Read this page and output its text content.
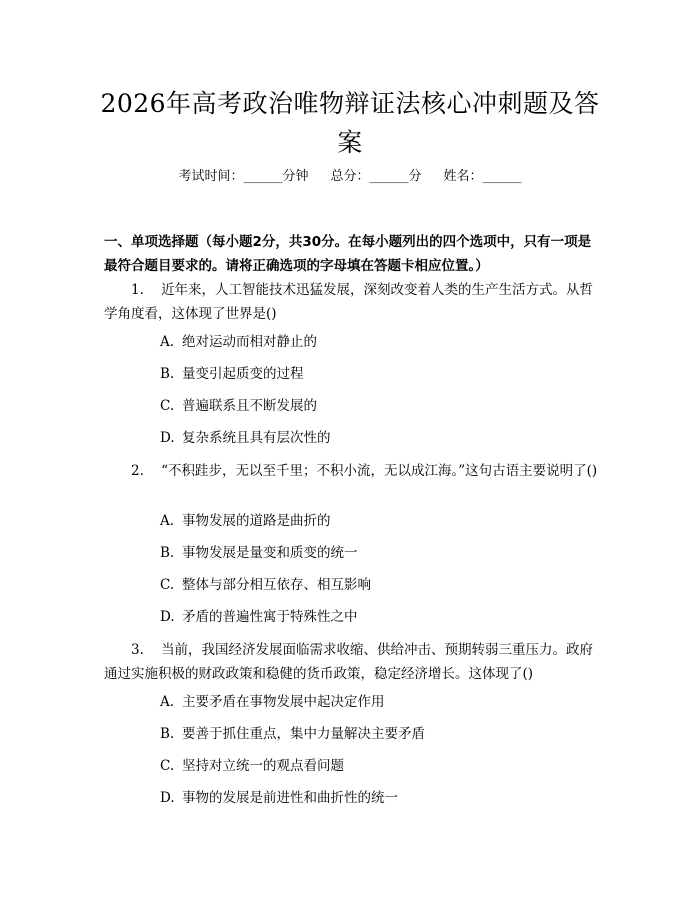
2026年高考政治唯物辩证法核心冲刺题及答案
考试时间：______分钟 总分：______分 姓名：______
一、单项选择题（每小题2分，共30分。在每小题列出的四个选项中，只有一项是最符合题目要求的。请将正确选项的字母填在答题卡相应位置。）
1. 近年来，人工智能技术迅猛发展，深刻改变着人类的生产生活方式。从哲学角度看，这体现了世界是()
A. 绝对运动而相对静止的
B. 量变引起质变的过程
C. 普遍联系且不断发展的
D. 复杂系统且具有层次性的
2. “不积跬步，无以至千里；不积小流，无以成江海。”这句古语主要说明了()
A. 事物发展的道路是曲折的
B. 事物发展是量变和质变的统一
C. 整体与部分相互依存、相互影响
D. 矛盾的普遍性寓于特殊性之中
3. 当前，我国经济发展面临需求收缩、供给冲击、预期转弱三重压力。政府通过实施积极的财政政策和稳健的货币政策，稳定经济增长。这体现了()
A. 主要矛盾在事物发展中起决定作用
B. 要善于抓住重点，集中力量解决主要矛盾
C. 坚持对立统一的观点看问题
D. 事物的发展是前进性和曲折性的统一
